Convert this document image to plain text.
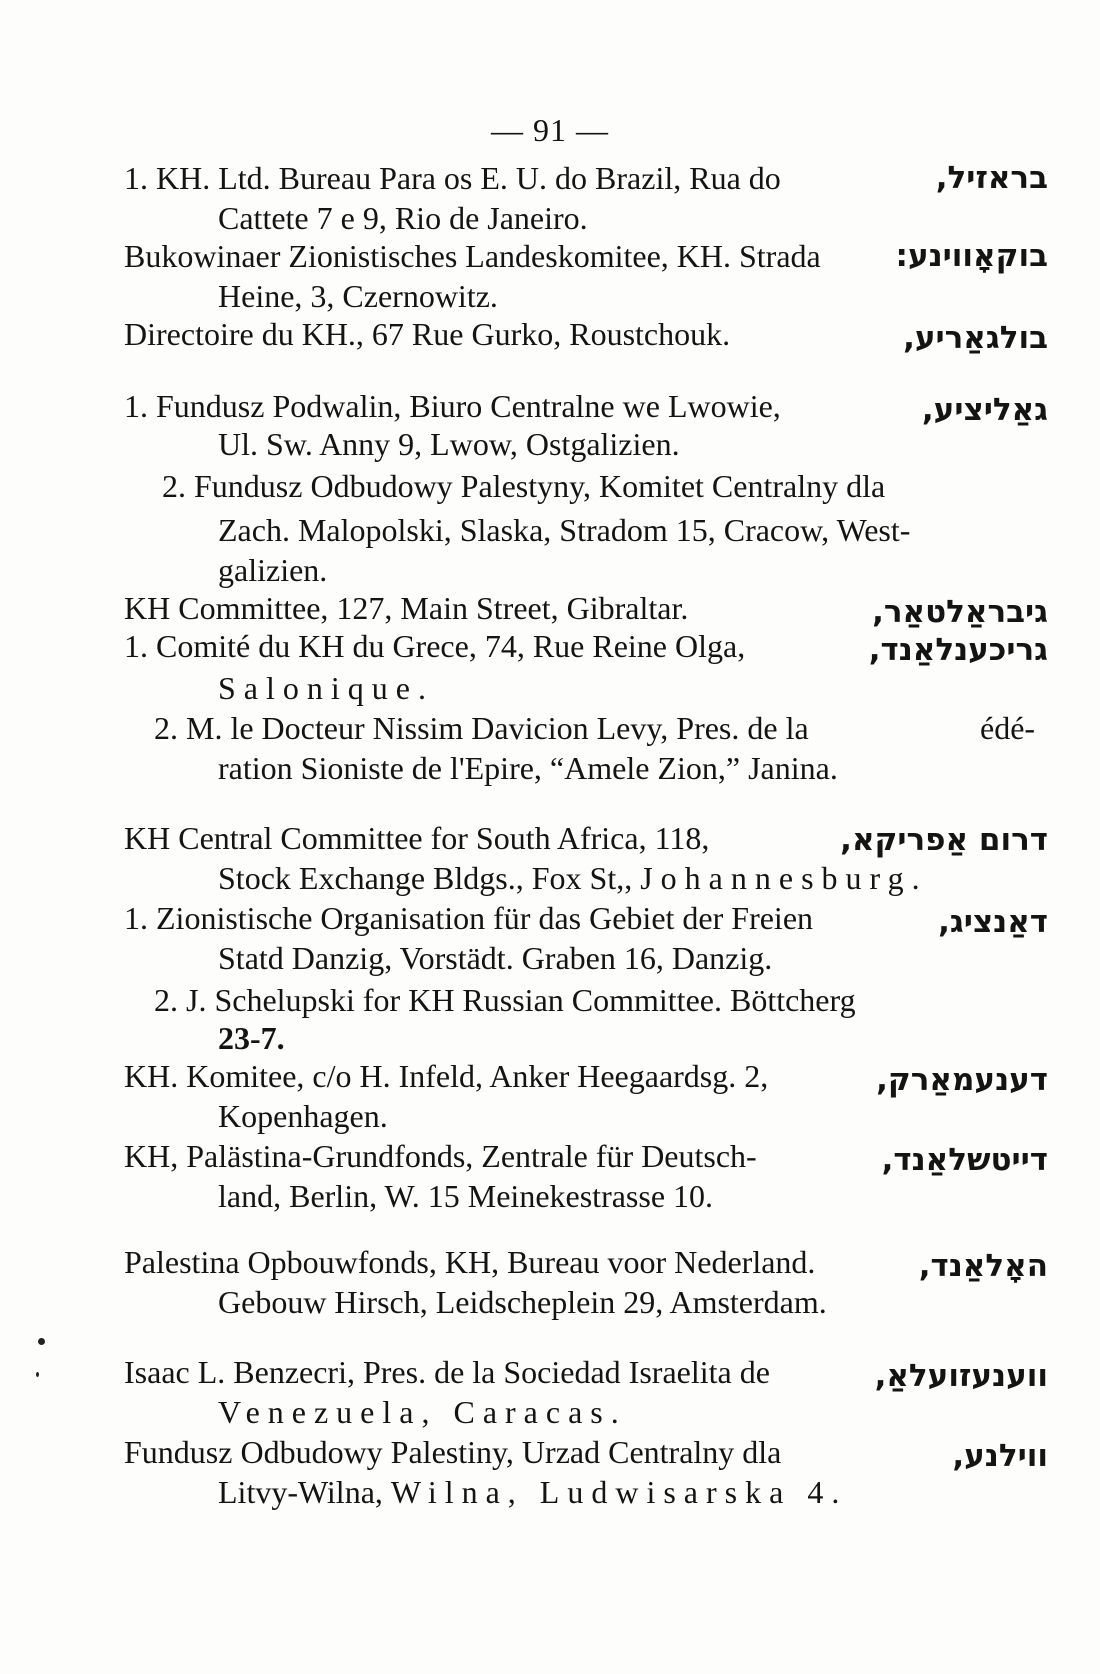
— 91 —
בראזיל,
1. KH. Ltd. Bureau Para os E. U. do Brazil, Rua do
Cattete 7 e 9, Rio de Janeiro.
בוקאָווינע:
Bukowinaer Zionistisches Landeskomitee, KH. Strada
Heine, 3, Czernowitz.
בולגאַריע,
Directoire du KH., 67 Rue Gurko, Roustchouk.
גאַליציע,
1. Fundusz Podwalin, Biuro Centralne we Lwowie,
Ul. Sw. Anny 9, Lwow, Ostgalizien.
2. Fundusz Odbudowy Palestyny, Komitet Centralny dla
Zach. Malopolski, Slaska, Stradom 15, Cracow, West-
galizien.
גיבראַלטאַר,
KH Committee, 127, Main Street, Gibraltar.
גריכענלאַנד,
1. Comité du KH du Grece, 74, Rue Reine Olga,
Salonique.
2. M. le Docteur Nissim Davicion Levy, Pres. de la	édé-
ration Sioniste de l'Epire, “Amele Zion,” Janina.
דרום אַפריקא,
KH Central Committee for South Africa, 118,
Stock Exchange Bldgs., Fox St,, Johannesburg.
דאַנציג,
1. Zionistische Organisation für das Gebiet der Freien
Statd Danzig, Vorstädt. Graben 16, Danzig.
2. J. Schelupski for KH Russian Committee. Böttcherg
23-7.
דענעמאַרק,
KH. Komitee, c/o H. Infeld, Anker Heegaardsg. 2,
Kopenhagen.
דייטשלאַנד,
KH, Palästina-Grundfonds, Zentrale für Deutsch-
land, Berlin, W. 15 Meinekestrasse 10.
האָלאַנד,
Palestina Opbouwfonds, KH, Bureau voor Nederland.
Gebouw Hirsch, Leidscheplein 29, Amsterdam.
ווענעזועלאַ,
Isaac L. Benzecri, Pres. de la Sociedad Israelita de
Venezuela, Caracas.
ווילנע,
Fundusz Odbudowy Palestiny, Urzad Centralny dla
Litvy-Wilna, Wilna, Ludwisarska 4.
